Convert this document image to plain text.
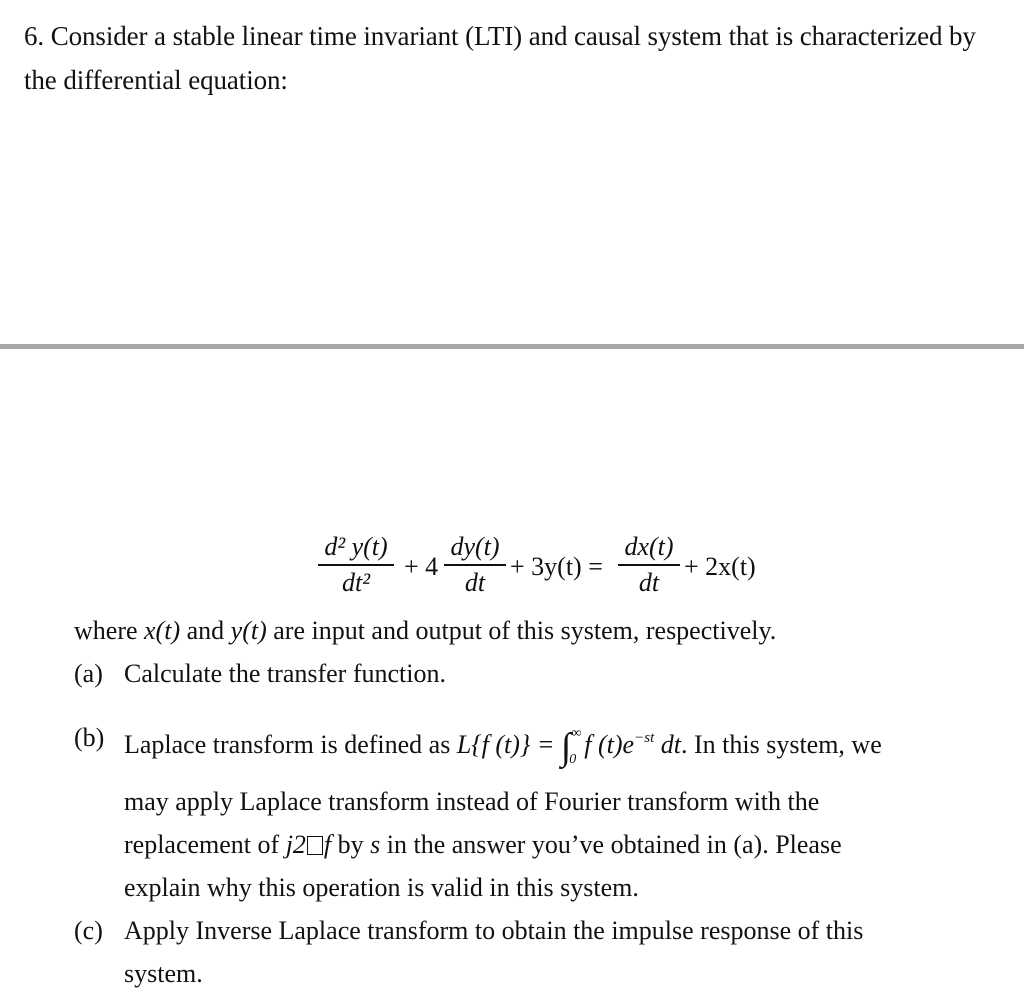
6. Consider a stable linear time invariant (LTI) and causal system that is characterized by the differential equation:
d² y(t)
dt²
+ 4
dy(t)
dt
+ 3y(t) =
dx(t)
dt
+ 2x(t)
where x(t) and y(t) are input and output of this system, respectively.
(a) Calculate the transfer function.
(b) Laplace transform is defined as L{f $(t)\} = \int^\infty_0f$ $(t)e^{-st}$ dt. In this system, we
may apply Laplace transform instead of Fourier transform with the
replacement of j2 f by s in the answer you’ve obtained in (a). Please
explain why this operation is valid in this system.
(c) Apply Inverse Laplace transform to obtain the impulse response of this
system.
